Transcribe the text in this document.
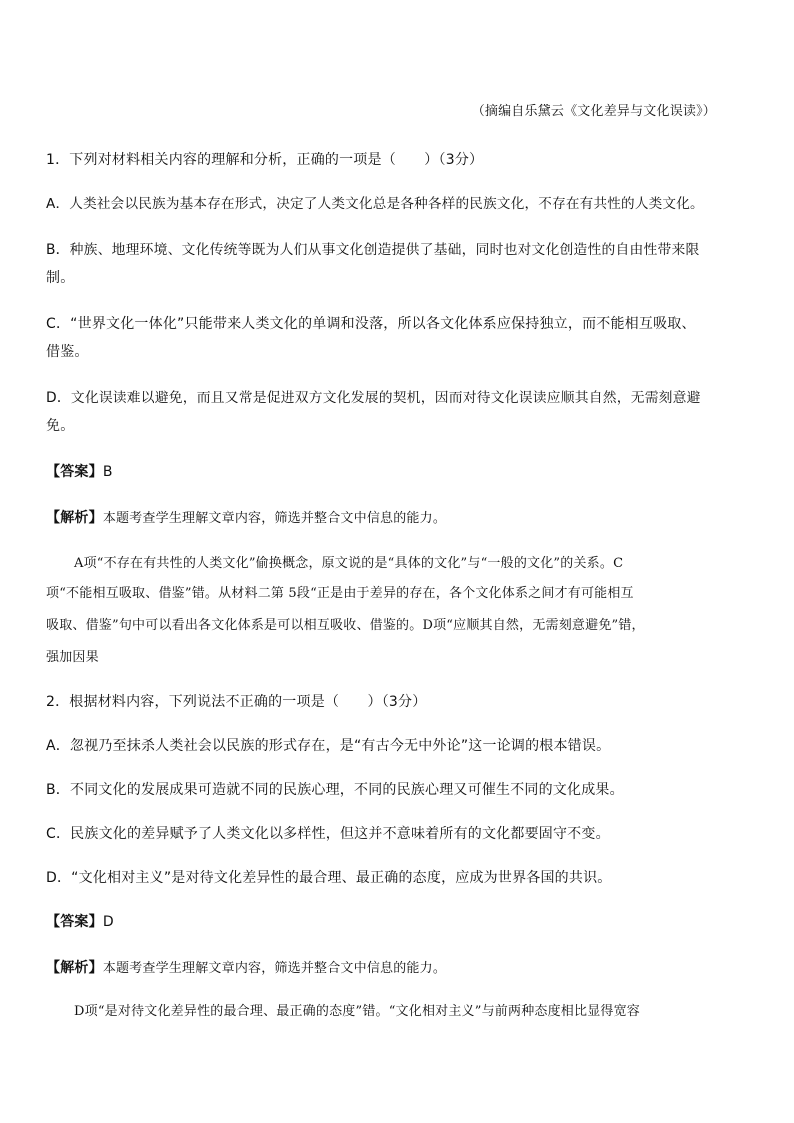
（摘编自乐黛云《文化差异与文化误读》）
1．下列对材料相关内容的理解和分析，正确的一项是（　　）（3分）
A．人类社会以民族为基本存在形式，决定了人类文化总是各种各样的民族文化，不存在有共性的人类文化。
B．种族、地理环境、文化传统等既为人们从事文化创造提供了基础，同时也对文化创造性的自由性带来限
制。
C．“世界文化一体化”只能带来人类文化的单调和没落，所以各文化体系应保持独立，而不能相互吸取、
借鉴。
D．文化误读难以避免，而且又常是促进双方文化发展的契机，因而对待文化误读应顺其自然，无需刻意避
免。
【答案】B
【解析】本题考查学生理解文章内容，筛选并整合文中信息的能力。
A项“不存在有共性的人类文化”偷换概念，原文说的是“具体的文化”与“一般的文化”的关系。C
项“不能相互吸取、借鉴”错。从材料二第 5段“正是由于差异的存在，各个文化体系之间才有可能相互
吸取、借鉴”句中可以看出各文化体系是可以相互吸收、借鉴的。D项“应顺其自然，无需刻意避免”错，
强加因果
2．根据材料内容，下列说法不正确的一项是（　　）（3分）
A．忽视乃至抹杀人类社会以民族的形式存在，是“有古今无中外论”这一论调的根本错误。
B．不同文化的发展成果可造就不同的民族心理，不同的民族心理又可催生不同的文化成果。
C．民族文化的差异赋予了人类文化以多样性，但这并不意味着所有的文化都要固守不变。
D．“文化相对主义”是对待文化差异性的最合理、最正确的态度，应成为世界各国的共识。
【答案】D
【解析】本题考查学生理解文章内容，筛选并整合文中信息的能力。
D项“是对待文化差异性的最合理、最正确的态度”错。“文化相对主义”与前两种态度相比显得宽容
